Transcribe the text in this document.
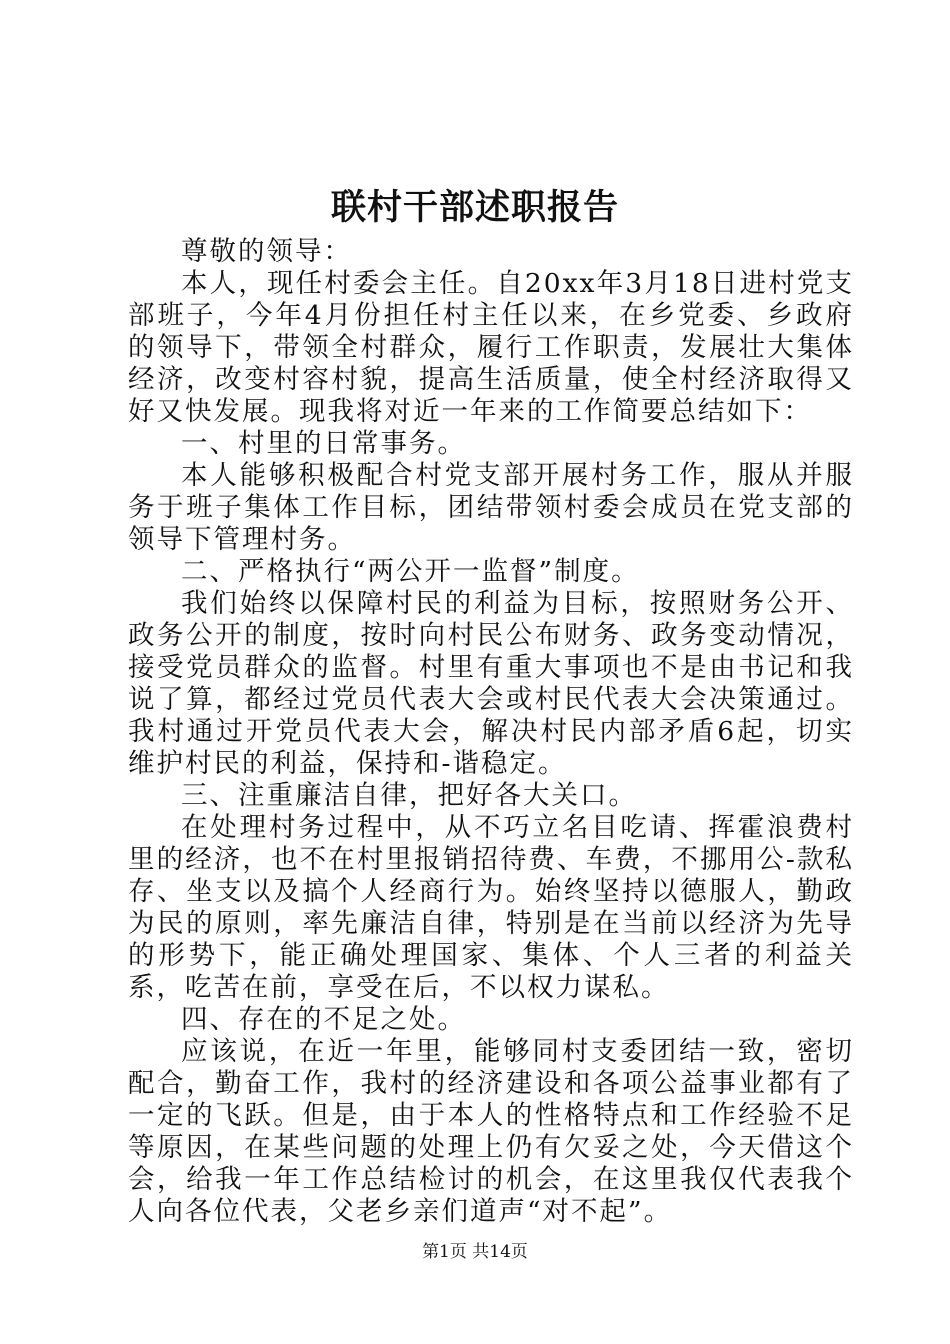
联村干部述职报告

尊敬的领导：

本人，现任村委会主任。自20xx年3月18日进村党支部班子，今年4月份担任村主任以来，在乡党委、乡政府的领导下，带领全村群众，履行工作职责，发展壮大集体经济，改变村容村貌，提高生活质量，使全村经济取得又好又快发展。现我将对近一年来的工作简要总结如下：

一、村里的日常事务。

本人能够积极配合村党支部开展村务工作，服从并服务于班子集体工作目标，团结带领村委会成员在党支部的领导下管理村务。

二、严格执行“两公开一监督”制度。

我们始终以保障村民的利益为目标，按照财务公开、政务公开的制度，按时向村民公布财务、政务变动情况，接受党员群众的监督。村里有重大事项也不是由书记和我说了算，都经过党员代表大会或村民代表大会决策通过。我村通过开党员代表大会，解决村民内部矛盾6起，切实维护村民的利益，保持和-谐稳定。

三、注重廉洁自律，把好各大关口。

在处理村务过程中，从不巧立名目吃请、挥霍浪费村里的经济，也不在村里报销招待费、车费，不挪用公-款私存、坐支以及搞个人经商行为。始终坚持以德服人，勤政为民的原则，率先廉洁自律，特别是在当前以经济为先导的形势下，能正确处理国家、集体、个人三者的利益关系，吃苦在前，享受在后，不以权力谋私。

四、存在的不足之处。

应该说，在近一年里，能够同村支委团结一致，密切配合，勤奋工作，我村的经济建设和各项公益事业都有了一定的飞跃。但是，由于本人的性格特点和工作经验不足等原因，在某些问题的处理上仍有欠妥之处，今天借这个会，给我一年工作总结检讨的机会，在这里我仅代表我个人向各位代表，父老乡亲们道声“对不起”。

第1页 共14页
